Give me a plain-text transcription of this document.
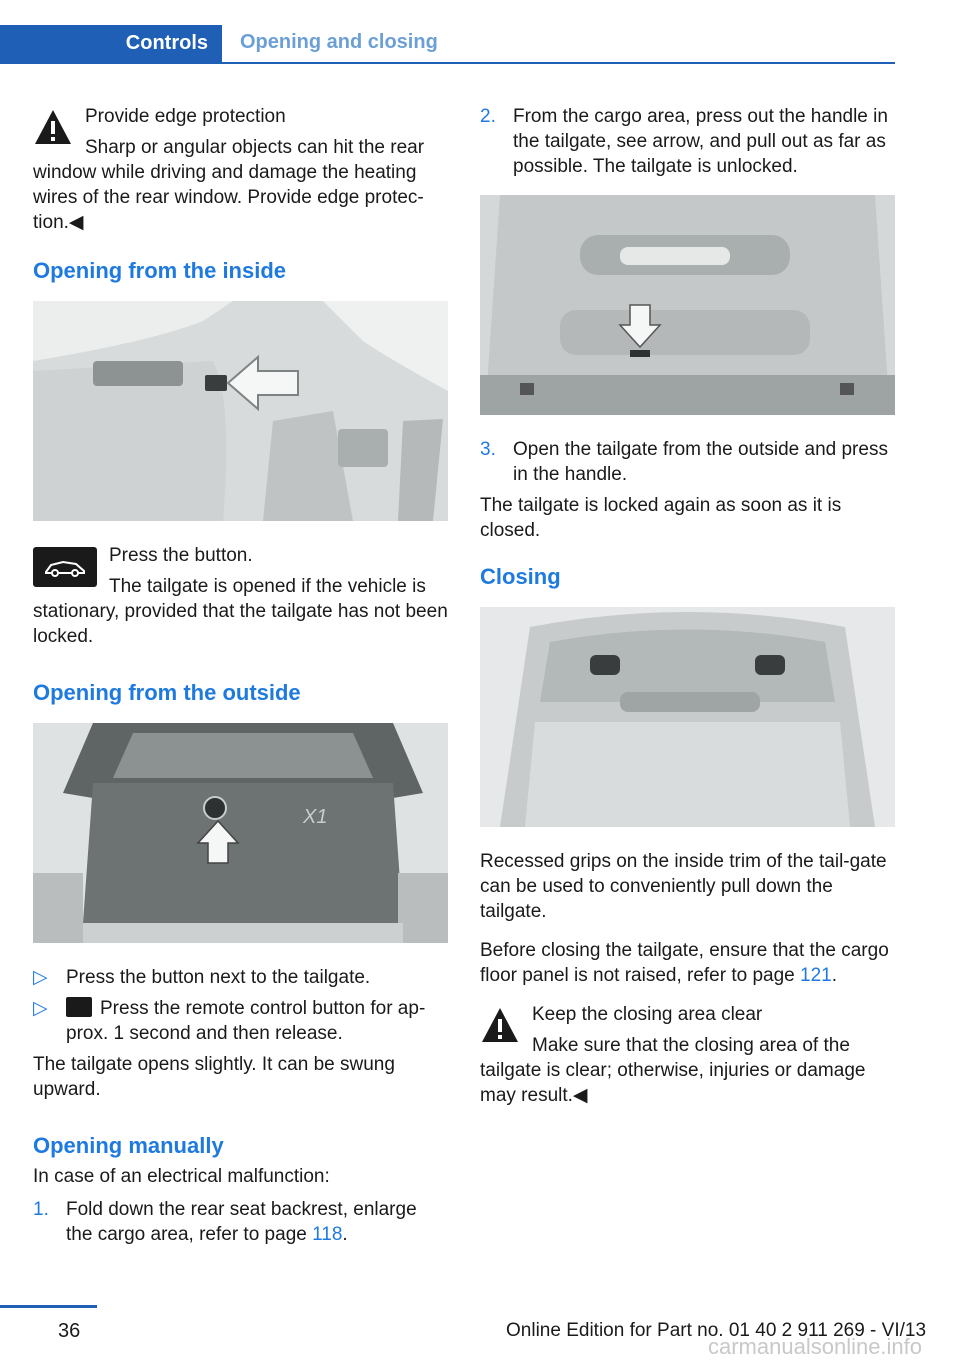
Controls	Opening and closing

Provide edge protection

Sharp or angular objects can hit the rear window while driving and damage the heating wires of the rear window. Provide edge protec‐tion.◀

Opening from the inside

Press the button.

The tailgate is opened if the vehicle is stationary, provided that the tailgate has not been locked.

Opening from the outside
X1
▷ Press the button next to the tailgate.
▷	Press the remote control button for ap‐prox. 1 second and then release.

The tailgate opens slightly. It can be swung upward.

Opening manually

In case of an electrical malfunction:

1. Fold down the rear seat backrest, enlarge the cargo area, refer to page 118.
2. From the cargo area, press out the handle in the tailgate, see arrow, and pull out as far as possible. The tailgate is unlocked.
3. Open the tailgate from the outside and press in the handle.

The tailgate is locked again as soon as it is closed.

Closing

Recessed grips on the inside trim of the tail‐gate can be used to conveniently pull down the tailgate.

Before closing the tailgate, ensure that the cargo floor panel is not raised, refer to page 121.

Keep the closing area clear

Make sure that the closing area of the tailgate is clear; otherwise, injuries or damage may result.◀

36	Online Edition for Part no. 01 40 2 911 269 - VI/13
carmanualsonline.info
